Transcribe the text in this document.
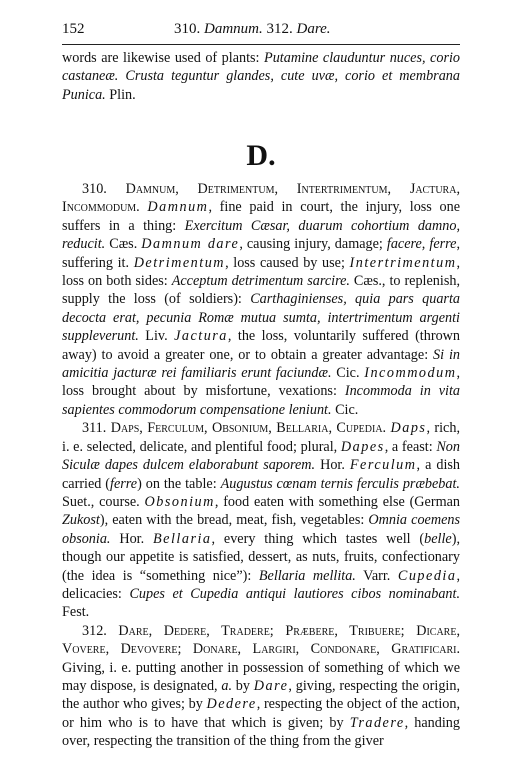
152	310. Damnum. 312. Dare.

words are likewise used of plants: Putamine clauduntur nuces, corio castaneæ. Crusta teguntur glandes, cute uvæ, corio et membrana Punica. Plin.

D.

310. Damnum, Detrimentum, Intertrimentum, Jactura, Incommodum. Damnum, fine paid in court, the injury, loss one suffers in a thing: Exercitum Cæsar, duarum cohortium damno, reducit. Cæs. Damnum dare, causing injury, damage; facere, ferre, suffering it. Detrimentum, loss caused by use; Intertrimentum, loss on both sides: Acceptum detrimentum sarcire. Cæs., to replenish, supply the loss (of soldiers): Carthaginienses, quia pars quarta decocta erat, pecunia Romæ mutua sumta, intertrimentum argenti suppleverunt. Liv. Jactura, the loss, voluntarily suffered (thrown away) to avoid a greater one, or to obtain a greater advantage: Si in amicitia jacturæ rei familiaris erunt faciundæ. Cic. Incommodum, loss brought about by misfortune, vexations: Incommoda in vita sapientes commodorum compensatione leniunt. Cic.

311. Daps, Ferculum, Obsonium, Bellaria, Cupedia. Daps, rich, i. e. selected, delicate, and plentiful food; plural, Dapes, a feast: Non Siculæ dapes dulcem elaborabunt saporem. Hor. Ferculum, a dish carried (ferre) on the table: Augustus cœnam ternis ferculis præbebat. Suet., course. Obsonium, food eaten with something else (German Zukost), eaten with the bread, meat, fish, vegetables: Omnia coemens obsonia. Hor. Bellaria, every thing which tastes well (belle), though our appetite is satisfied, dessert, as nuts, fruits, confectionary (the idea is “something nice”): Bellaria mellita. Varr. Cupedia, delicacies: Cupes et Cupedia antiqui lautiores cibos nominabant. Fest.

312. Dare, Dedere, Tradere; Præbere, Tribuere; Dicare, Vovere, Devovere; Donare, Largiri, Condonare, Gratificari. Giving, i. e. putting another in possession of something of which we may dispose, is designated, a. by Dare, giving, respecting the origin, the author who gives; by Dedere, respecting the object of the action, or him who is to have that which is given; by Tradere, handing over, respecting the transition of the thing from the giver
